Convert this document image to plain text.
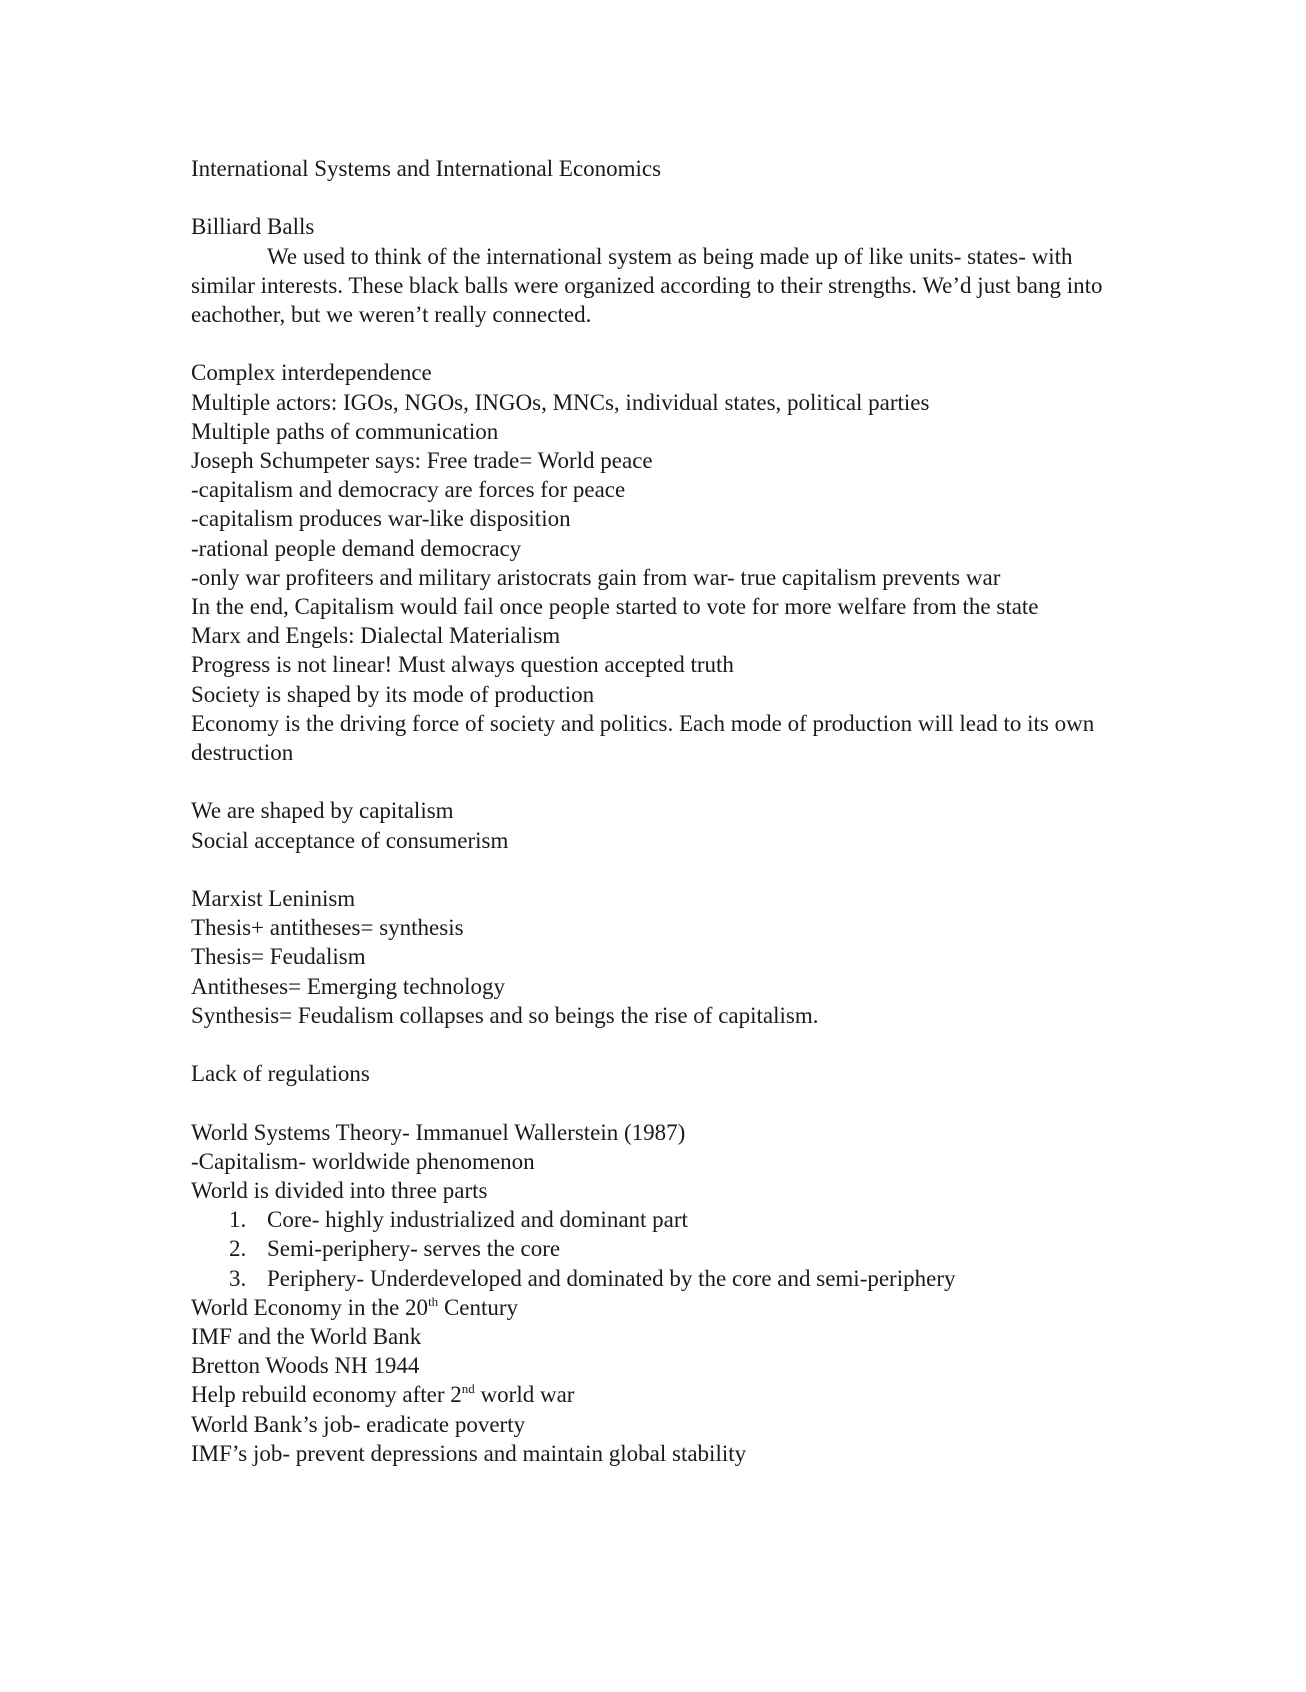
International Systems and International Economics

Billiard Balls

We used to think of the international system as being made up of like units- states- with similar interests. These black balls were organized according to their strengths. We’d just bang into eachother, but we weren’t really connected.

Complex interdependence

Multiple actors: IGOs, NGOs, INGOs, MNCs, individual states, political parties

Multiple paths of communication

Joseph Schumpeter says: Free trade= World peace

-capitalism and democracy are forces for peace

-capitalism produces war-like disposition

-rational people demand democracy

-only war profiteers and military aristocrats gain from war- true capitalism prevents war

In the end, Capitalism would fail once people started to vote for more welfare from the state

Marx and Engels: Dialectal Materialism

Progress is not linear! Must always question accepted truth

Society is shaped by its mode of production

Economy is the driving force of society and politics. Each mode of production will lead to its own destruction

We are shaped by capitalism

Social acceptance of consumerism

Marxist Leninism

Thesis+ antitheses= synthesis

Thesis= Feudalism

Antitheses= Emerging technology

Synthesis= Feudalism collapses and so beings the rise of capitalism.

Lack of regulations

World Systems Theory- Immanuel Wallerstein (1987)

-Capitalism- worldwide phenomenon

World is divided into three parts

1. Core- highly industrialized and dominant part
2. Semi-periphery- serves the core
3. Periphery- Underdeveloped and dominated by the core and semi-periphery

World Economy in the 20th Century

IMF and the World Bank

Bretton Woods NH 1944

Help rebuild economy after 2nd world war

World Bank’s job- eradicate poverty

IMF’s job- prevent depressions and maintain global stability
